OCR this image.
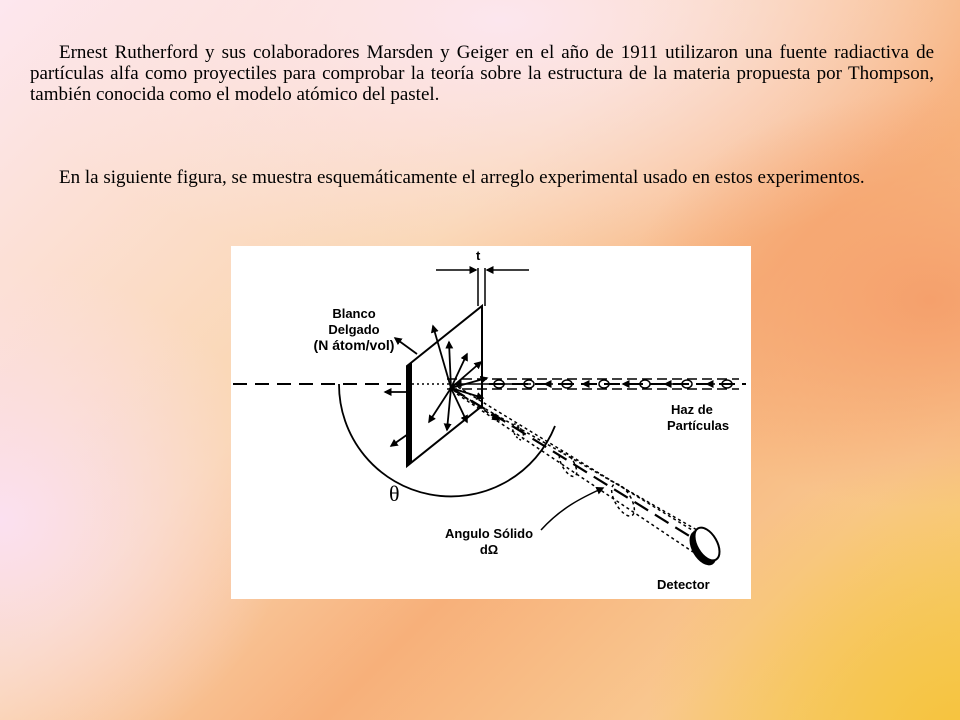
Ernest Rutherford y sus colaboradores Marsden y Geiger en el año de 1911 utilizaron una fuente radiactiva de partículas alfa como proyectiles para comprobar la teoría sobre la estructura de la materia propuesta por Thompson, también conocida como el modelo atómico del pastel.

En la siguiente figura, se muestra esquemáticamente el arreglo experimental usado en estos experimentos.

t
Blanco
Delgado
(N átom/vol)
Haz de
Partículas
θ
Angulo Sólido
dΩ
Detector
